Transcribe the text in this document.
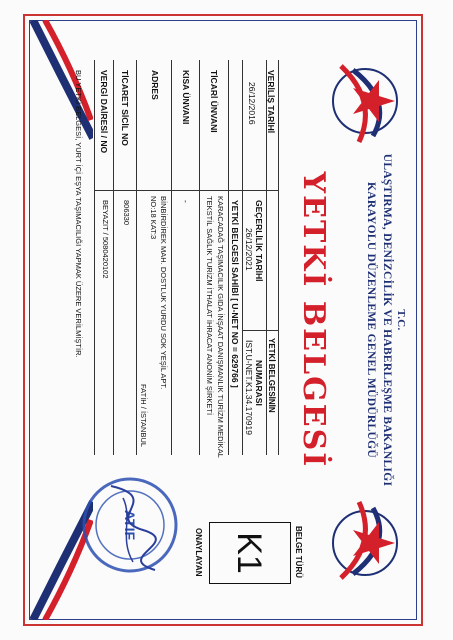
T.C.
ULAŞTIRMA, DENİZCİLİK VE HABERLEŞME BAKANLIĞI
KARAYOLU DÜZENLEME GENEL MÜDÜRLÜĞÜ
YETKİ BELGESİ
YETKİ BELGESİNİN
VERİLİŞ TARİHİ
GEÇERLİLİK TARİHİ
NUMARASI
26/12/2016
26/12/2021
İST.U-NET.K1.34.170919
YETKİ BELGESİ SAHİBİ [ U-NET NO = 629766 ]
TİCARİ ÜNVANI
KARACADAĞ TAŞIMACILIK GIDA İNŞAAT DANIŞMANLIK TURİZM MEDİKAL
TEKSTİL SAĞLIK TURİZM İTHALAT İHRACAT ANONİM ŞİRKETİ
KISA ÜNVANI
-
ADRES
BİNBİRDİREK MAH. DOSTLUK YURDU SOK YEŞİL APT.
NO:18 KAT:3
FATİH / İSTANBUL
TİCARET SİCİL NO
806330
VERGİ DAİRESİ / NO
BEYAZIT / 5080420102
BU YETKİ BELGESİ, YURT İÇİ EŞYA TAŞIMACILIĞI YAPMAK ÜZERE VERİLMİŞTİR.
BELGE TÜRÜ
K1
ONAYLAYAN
ATIF
